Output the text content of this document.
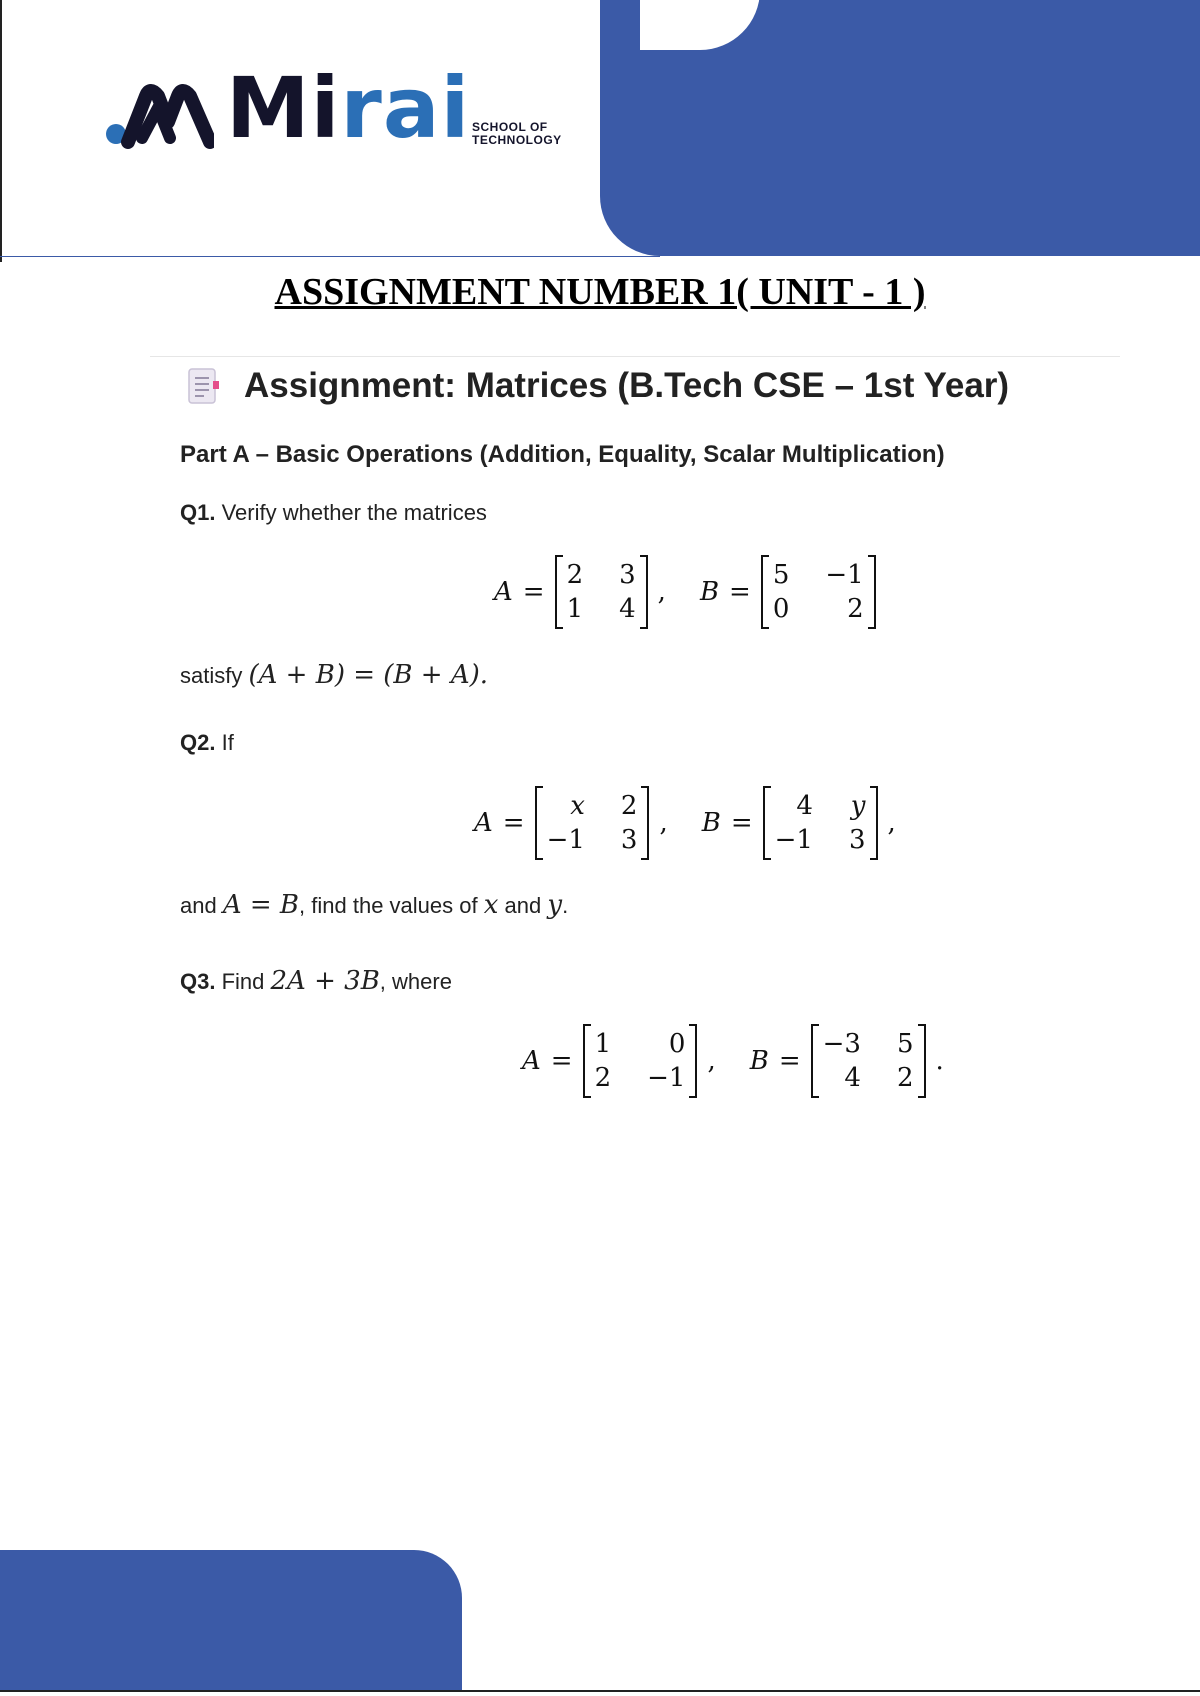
Mirai SCHOOL OF
TECHNOLOGY
ASSIGNMENT NUMBER 1( UNIT - 1 )
Assignment: Matrices (B.Tech CSE – 1st Year)
Part A – Basic Operations (Addition, Equality, Scalar Multiplication)
Q1. Verify whether the matrices
A =
2 3
1 4
, B =
5 −1
0	2
satisfy (A + B) = (B + A).
Q2. If
A =
x 2
−1 3
, B =
4 y
−1 3
,
and A = B, find the values of x and y.
Q3. Find 2A + 3B, where
A =
1	0
2 −1
, B =
−3 5
4 2
.
